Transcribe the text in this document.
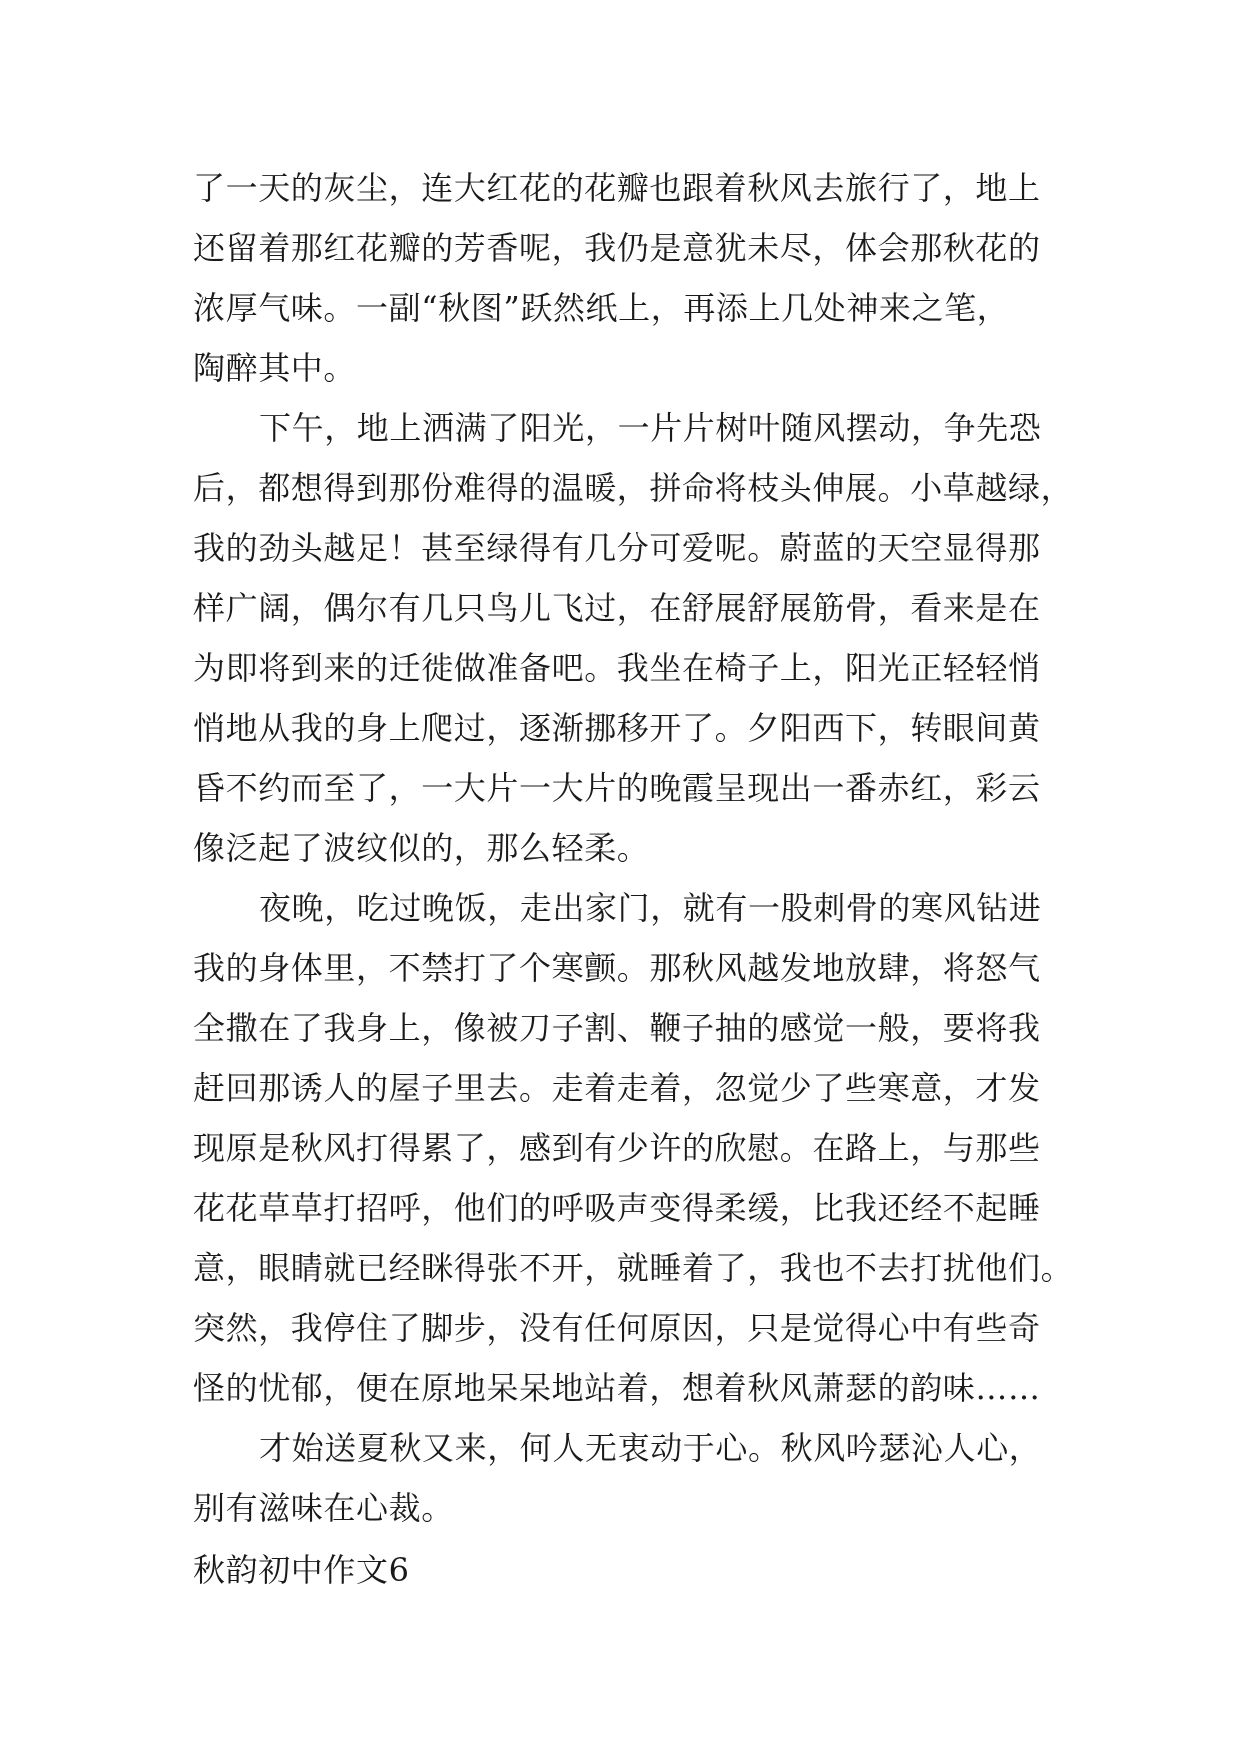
了一天的灰尘，连大红花的花瓣也跟着秋风去旅行了，地上
还留着那红花瓣的芳香呢，我仍是意犹未尽，体会那秋花的
浓厚气味。一副“秋图”跃然纸上，再添上几处神来之笔，
陶醉其中。
下午，地上洒满了阳光，一片片树叶随风摆动，争先恐
后，都想得到那份难得的温暖，拼命将枝头伸展。小草越绿，
我的劲头越足！甚至绿得有几分可爱呢。蔚蓝的天空显得那
样广阔，偶尔有几只鸟儿飞过，在舒展舒展筋骨，看来是在
为即将到来的迁徙做准备吧。我坐在椅子上，阳光正轻轻悄
悄地从我的身上爬过，逐渐挪移开了。夕阳西下，转眼间黄
昏不约而至了，一大片一大片的晚霞呈现出一番赤红，彩云
像泛起了波纹似的，那么轻柔。
夜晚，吃过晚饭，走出家门，就有一股刺骨的寒风钻进
我的身体里，不禁打了个寒颤。那秋风越发地放肆，将怒气
全撒在了我身上，像被刀子割、鞭子抽的感觉一般，要将我
赶回那诱人的屋子里去。走着走着，忽觉少了些寒意，才发
现原是秋风打得累了，感到有少许的欣慰。在路上，与那些
花花草草打招呼，他们的呼吸声变得柔缓，比我还经不起睡
意，眼睛就已经眯得张不开，就睡着了，我也不去打扰他们。
突然，我停住了脚步，没有任何原因，只是觉得心中有些奇
怪的忧郁，便在原地呆呆地站着，想着秋风萧瑟的韵味……
才始送夏秋又来，何人无衷动于心。秋风吟瑟沁人心，
别有滋味在心裁。
秋韵初中作文6
